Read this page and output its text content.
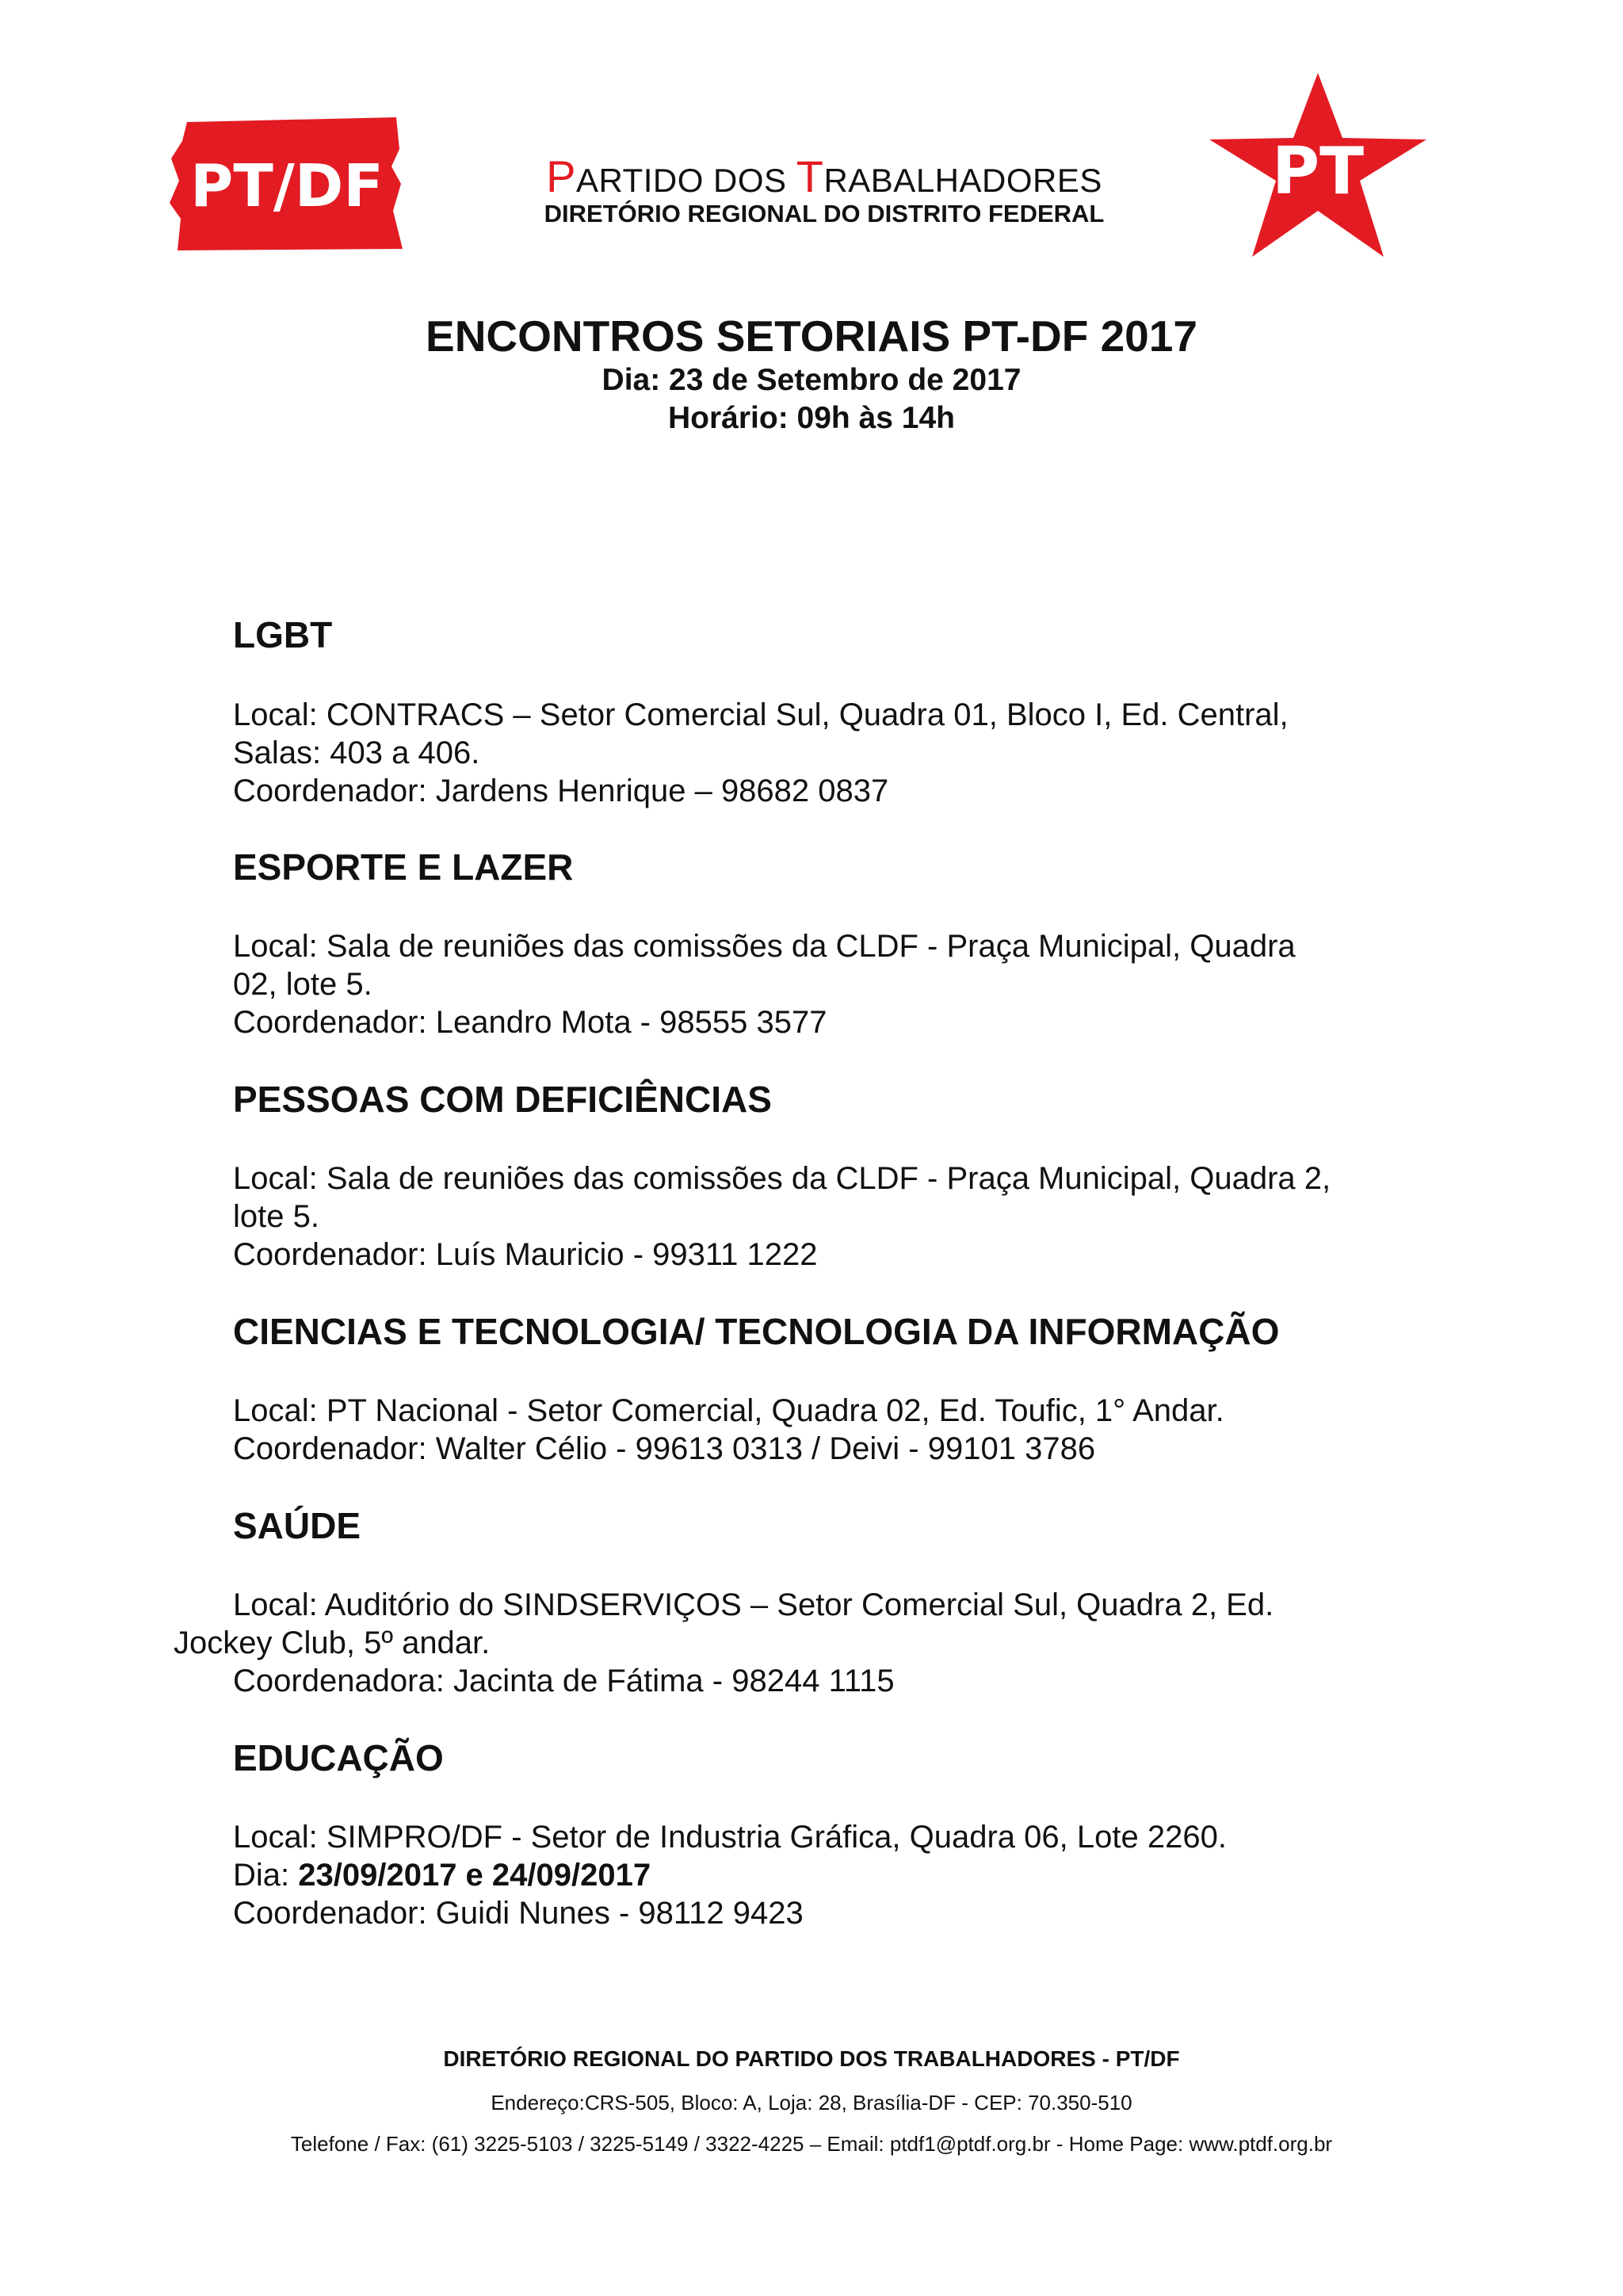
PT/DF	PARTIDO DOS TRABALHADORES
DIRETÓRIO REGIONAL DO DISTRITO FEDERAL
PT
ENCONTROS SETORIAIS PT-DF 2017
Dia: 23 de Setembro de 2017
Horário: 09h às 14h
LGBT
Local: CONTRACS – Setor Comercial Sul, Quadra 01, Bloco I, Ed. Central,
Salas: 403 a 406.
Coordenador: Jardens Henrique – 98682 0837
ESPORTE E LAZER
Local: Sala de reuniões das comissões da CLDF - Praça Municipal, Quadra
02, lote 5.
Coordenador: Leandro Mota - 98555 3577
PESSOAS COM DEFICIÊNCIAS
Local: Sala de reuniões das comissões da CLDF - Praça Municipal, Quadra 2,
lote 5.
Coordenador: Luís Mauricio - 99311 1222
CIENCIAS E TECNOLOGIA/ TECNOLOGIA DA INFORMAÇÃO
Local: PT Nacional - Setor Comercial, Quadra 02, Ed. Toufic, 1° Andar.
Coordenador: Walter Célio - 99613 0313 / Deivi - 99101 3786
SAÚDE
Local: Auditório do SINDSERVIÇOS – Setor Comercial Sul, Quadra 2, Ed.
Jockey Club, 5º andar.
Coordenadora: Jacinta de Fátima - 98244 1115
EDUCAÇÃO
Local: SIMPRO/DF - Setor de Industria Gráfica, Quadra 06, Lote 2260.
Dia: 23/09/2017 e 24/09/2017
Coordenador: Guidi Nunes - 98112 9423
DIRETÓRIO REGIONAL DO PARTIDO DOS TRABALHADORES - PT/DF
Endereço:CRS-505, Bloco: A, Loja: 28, Brasília-DF - CEP: 70.350-510
Telefone / Fax: (61) 3225-5103 / 3225-5149 / 3322-4225 – Email: ptdf1@ptdf.org.br - Home Page: www.ptdf.org.br
